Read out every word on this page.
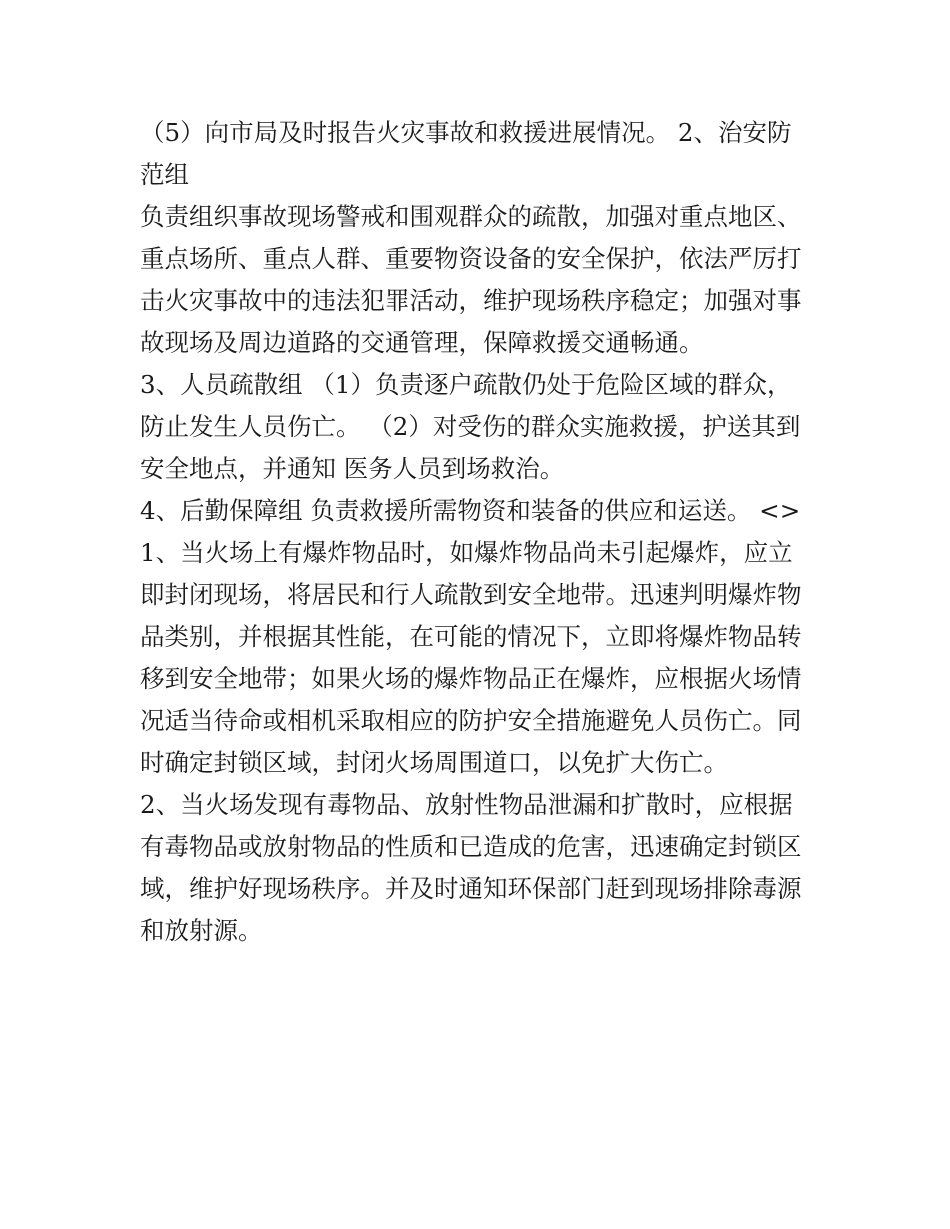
（5）向市局及时报告火灾事故和救援进展情况。 2、治安防
范组
负责组织事故现场警戒和围观群众的疏散，加强对重点地区、
重点场所、重点人群、重要物资设备的安全保护，依法严厉打
击火灾事故中的违法犯罪活动，维护现场秩序稳定；加强对事
故现场及周边道路的交通管理，保障救援交通畅通。
3、人员疏散组 （1）负责逐户疏散仍处于危险区域的群众，
防止发生人员伤亡。 （2）对受伤的群众实施救援，护送其到
安全地点，并通知 医务人员到场救治。
4、后勤保障组 负责救援所需物资和装备的供应和运送。 <>
1、当火场上有爆炸物品时，如爆炸物品尚未引起爆炸，应立
即封闭现场，将居民和行人疏散到安全地带。迅速判明爆炸物
品类别，并根据其性能，在可能的情况下，立即将爆炸物品转
移到安全地带；如果火场的爆炸物品正在爆炸，应根据火场情
况适当待命或相机采取相应的防护安全措施避免人员伤亡。同
时确定封锁区域，封闭火场周围道口，以免扩大伤亡。
2、当火场发现有毒物品、放射性物品泄漏和扩散时，应根据
有毒物品或放射物品的性质和已造成的危害，迅速确定封锁区
域，维护好现场秩序。并及时通知环保部门赶到现场排除毒源
和放射源。
